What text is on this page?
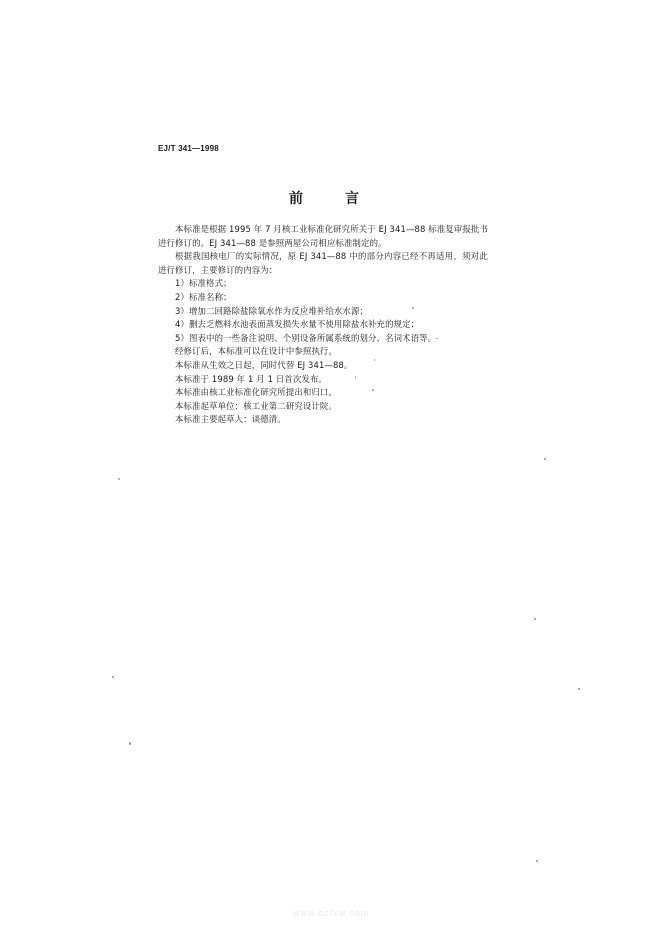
EJ/T 341—1998
前　言

本标准是根据 1995 年 7 月核工业标准化研究所关于 EJ 341—88 标准复审报批书进行修订的。EJ 341—88 是参照两屋公司相应标准制定的。

根据我国核电厂的实际情况，原 EJ 341—88 中的部分内容已经不再适用，须对此进行修订，主要修订的内容为：

1）标准格式；

2）标准名称；

3）增加二回路除盐除氧水作为反应堆补给水水源；

4）删去乏燃料水池表面蒸发损失水量不使用除盐水补充的规定；

5）图表中的一些备注说明、个别设备所属系统的划分、名词术语等。

经修订后，本标准可以在设计中参照执行。

本标准从生效之日起，同时代替 EJ 341—88。

本标准于 1989 年 1 月 1 日首次发布。

本标准由核工业标准化研究所提出和归口。

本标准起草单位：核工业第二研究设计院。

本标准主要起草人：谈德清。

www.bzfxw.com
